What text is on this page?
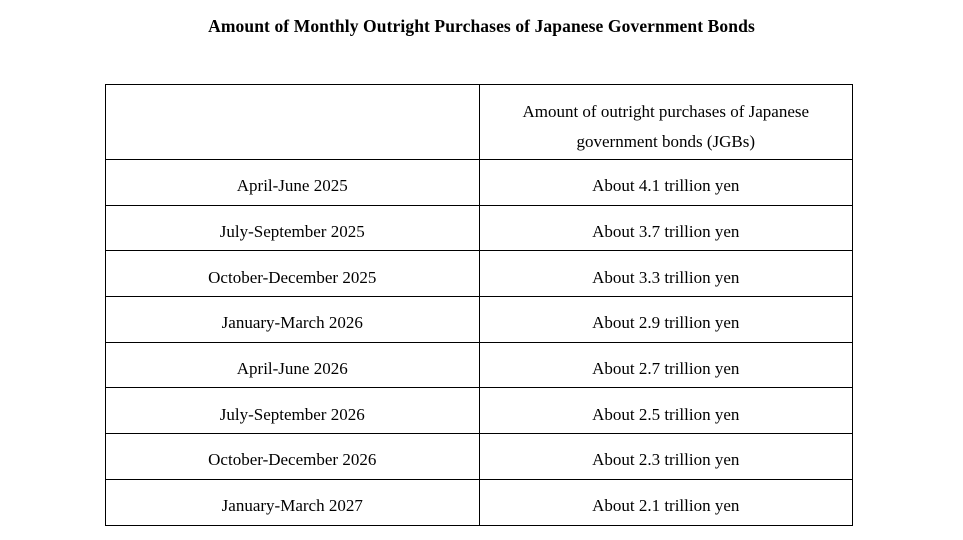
Amount of Monthly Outright Purchases of Japanese Government Bonds
	Amount of outright purchases of Japanese government bonds (JGBs)
April-June 2025	About 4.1 trillion yen
July-September 2025	About 3.7 trillion yen
October-December 2025	About 3.3 trillion yen
January-March 2026	About 2.9 trillion yen
April-June 2026	About 2.7 trillion yen
July-September 2026	About 2.5 trillion yen
October-December 2026	About 2.3 trillion yen
January-March 2027	About 2.1 trillion yen
